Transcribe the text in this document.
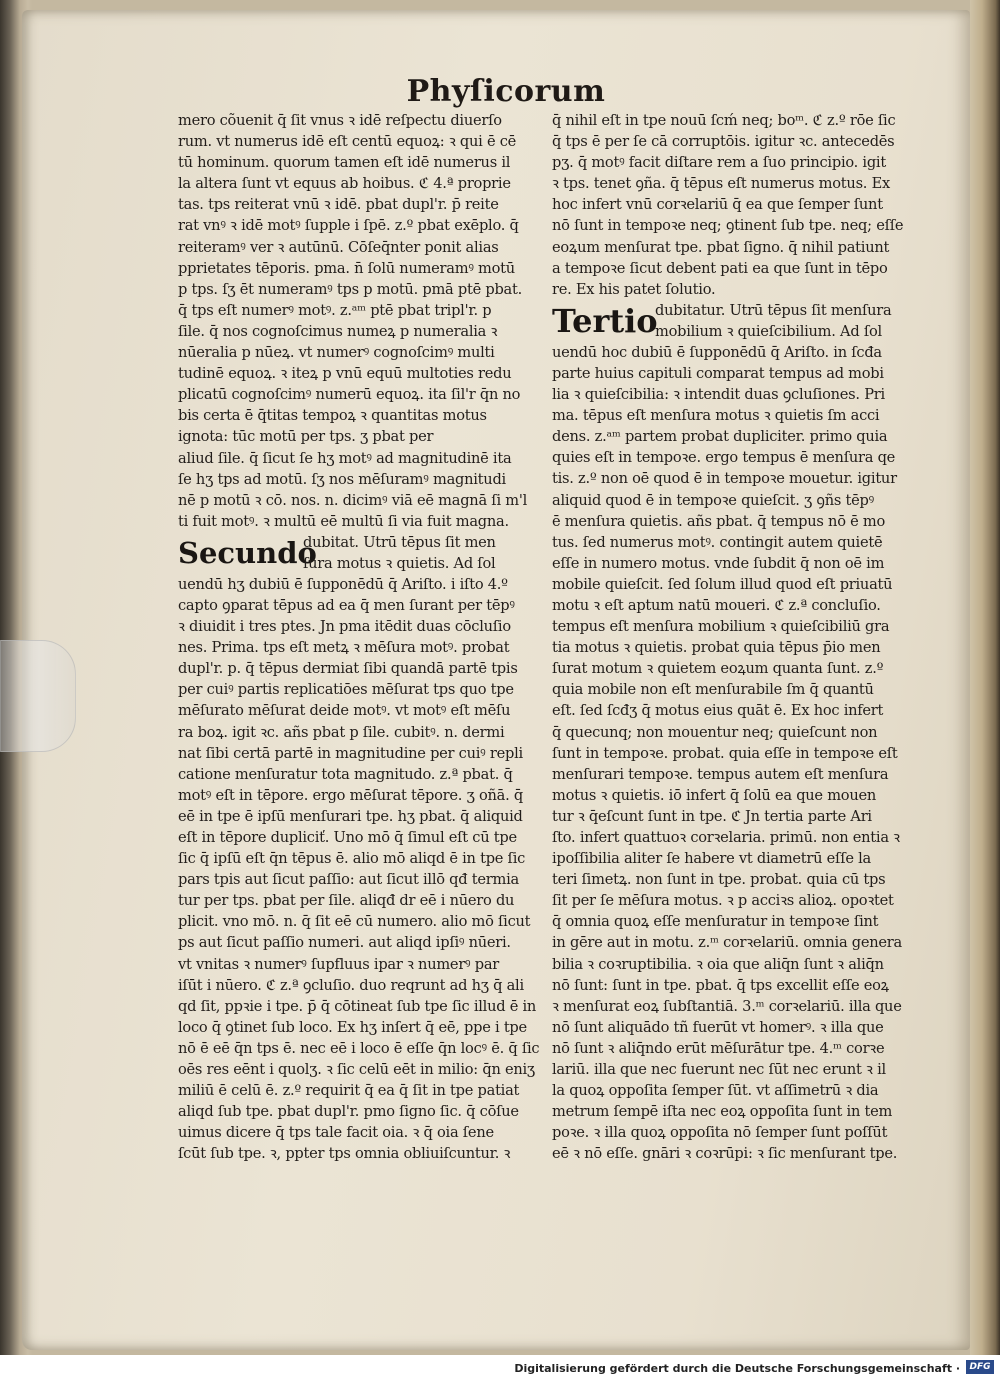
Phyſicorum
mero cõuenit q̄ ſit vnus ꝛ idē reſpectu diuerſo
rum. vt numerus idē eſt centū equoꝝ: ꝛ qui ē cē
tū hominum. quorum tamen eſt idē numerus il
la altera ſunt vt equus ab hoibus. ℭ 4.ª proprie
tas. tps reiterat vnū ꝛ idē. pbat dupl'r. p̄ reite
rat vnꝰ ꝛ idē motꝰ ſupple i ſpē. z.º pbat exēplo. q̄
reiteramꝰ ver ꝛ autūnū. Cōſeq̄nter ponit alias
pprietates tēporis. pma. n̄ ſolū numeramꝰ motū
p tps. ſʒ ēt numeramꝰ tps p motū. pmā ptē pbat.
q̄ tps eſt numerꝰ motꝰ. z.ᵃᵐ ptē pbat tripl'r. p
ſile. q̄ nos cognoſcimus numeꝝ p numeralia ꝛ
nūeralia p nūeꝝ. vt numerꝰ cognoſcimꝰ multi
tudinē equoꝝ. ꝛ iteꝝ p vnū equū multoties redu
plicatū cognoſcimꝰ numerū equoꝝ. ita ſil'r q̄n no
bis certa ē q̄titas tempoꝝ ꝛ quantitas motus
ignota: tūc motū per tps. ʒ pbat per
aliud ſile. q̄ ſicut ſe hʒ motꝰ ad magnitudinē ita
ſe hʒ tps ad motū. ſʒ nos mēſuramꝰ magnitudi
nē p motū ꝛ cō. nos. n. dicimꝰ viā eē magnā ſi m'l
ti fuit motꝰ. ꝛ multū eē multū ſi via fuit magna.
Secundo
dubitat. Utrū tēpus ſit men
ſura motus ꝛ quietis. Ad ſol
uendū hʒ dubiū ē ſupponēdū q̄ Ariſto. i iſto 4.º
capto ꝯparat tēpus ad ea q̄ men ſurant per tēpꝰ
ꝛ diuidit i tres ptes. Jn pma itēdit duas cōcluſio
nes. Prima. tps eſt metꝝ ꝛ mēſura motꝰ. probat
dupl'r. p. q̄ tēpus dermiat ſibi quandā partē tpis
per cuiꝰ partis replicatiōes mēſurat tps quo tpe
mēſurato mēſurat deide motꝰ. vt motꝰ eſt mēſu
ra boꝝ. igit ꝛc. añs pbat p ſile. cubitꝰ. n. dermi
nat ſibi certā partē in magnitudine per cuiꝰ repli
catione menſuratur tota magnitudo. z.ª pbat. q̄
motꝰ eſt in tēpore. ergo mēſurat tēpore. ʒ oñā. q̄
eē in tpe ē ipſū menſurari tpe. hʒ pbat. q̄ aliquid
eſt in tēpore dupliciť. Uno mō q̄ ſimul eſt cū tpe
ſic q̄ ipſū eſt q̄n tēpus ē. alio mō aliqd ē in tpe ſic
pars tpis aut ſicut paſſio: aut ſicut illō qđ termia
tur per tps. pbat per ſile. aliqđ dr eē i nūero du
plicit. vno mō. n. q̄ ſit eē cū numero. alio mō ſicut
ps aut ſicut paſſio numeri. aut aliqd ipſiꝰ nūeri.
vt vnitas ꝛ numerꝰ ſupfluus ipar ꝛ numerꝰ par
iſūt i nūero. ℭ z.ª ꝯcluſio. duo reqrunt ad hʒ q̄ ali
qd ſit, ppꝛie i tpe. p̄ q̄ cōtineat ſub tpe ſic illud ē in
loco q̄ ꝯtinet ſub loco. Ex hʒ inſert q̄ eē, ppe i tpe
nō ē eē q̄n tps ē. nec eē i loco ē eſſe q̄n locꝰ ē. q̄ ſic
oēs res eēnt i quolʒ. ꝛ ſic celū eēt in milio: q̄n eniʒ
miliū ē celū ē. z.º requirit q̄ ea q̄ ſit in tpe patiat
aliqd ſub tpe. pbat dupl'r. pmo ſigno ſic. q̄ cōſue
uimus dicere q̄ tps tale facit oia. ꝛ q̄ oia ſene
ſcūt ſub tpe. ꝛ, ppter tps omnia obliuiſcuntur. ꝛ
q̄ nihil eſt in tpe nouū ſcḿ neq; boᵐ. ℭ z.º rōe ſic
q̄ tps ē per ſe cā corruptōis. igitur ꝛc. antecedēs
pʒ. q̄ motꝰ facit diſtare rem a ſuo principio. igit
ꝛ tps. tenet ꝯña. q̄ tēpus eſt numerus motus. Ex
hoc infert vnū corꝛelariū q̄ ea que ſemper ſunt
nō ſunt in tempoꝛe neq; ꝯtinent ſub tpe. neq; eſſe
eoꝝum menſurat tpe. pbat ſigno. q̄ nihil patiunt
a tempoꝛe ſicut debent pati ea que ſunt in tēpo
re. Ex his patet ſolutio.
Tertio
dubitatur. Utrū tēpus ſit menſura
mobilium ꝛ quieſcibilium. Ad ſol
uendū hoc dubiū ē ſupponēdū q̄ Ariſto. in ſcđa
parte huius capituli comparat tempus ad mobi
lia ꝛ quieſcibilia: ꝛ intendit duas ꝯcluſiones. Pri
ma. tēpus eſt menſura motus ꝛ quietis ſm acci
dens. z.ᵃᵐ partem probat dupliciter. primo quia
quies eſt in tempoꝛe. ergo tempus ē menſura qe
tis. z.º non oē quod ē in tempoꝛe mouetur. igitur
aliquid quod ē in tempoꝛe quieſcit. ʒ ꝯñs tēpꝰ
ē menſura quietis. añs pbat. q̄ tempus nō ē mo
tus. ſed numerus motꝰ. contingit autem quietē
eſſe in numero motus. vnde ſubdit q̄ non oē im
mobile quieſcit. ſed ſolum illud quod eſt priuatū
motu ꝛ eſt aptum natū moueri. ℭ z.ª concluſio.
tempus eſt menſura mobilium ꝛ quieſcibiliū gra
tia motus ꝛ quietis. probat quia tēpus p̄io men
ſurat motum ꝛ quietem eoꝝum quanta ſunt. z.º
quia mobile non eſt menſurabile ſm q̄ quantū
eſt. ſed ſcđʒ q̄ motus eius quāt ē. Ex hoc infert
q̄ quecunq; non mouentur neq; quieſcunt non
ſunt in tempoꝛe. probat. quia eſſe in tempoꝛe eſt
menſurari tempoꝛe. tempus autem eſt menſura
motus ꝛ quietis. iō infert q̄ ſolū ea que mouen
tur ꝛ q̄eſcunt ſunt in tpe. ℭ Jn tertia parte Ari
ſto. infert quattuoꝛ corꝛelaria. primū. non entia ꝛ
ipoſſibilia aliter ſe habere vt diametrū eſſe la
teri ſimetꝝ. non ſunt in tpe. probat. quia cū tps
ſit per ſe mēſura motus. ꝛ p acciꝛs alioꝝ. opoꝛtet
q̄ omnia quoꝝ eſſe menſuratur in tempoꝛe ſint
in gēre aut in motu. z.ᵐ corꝛelariū. omnia genera
bilia ꝛ coꝛruptibilia. ꝛ oia que aliq̄n ſunt ꝛ aliq̄n
nō ſunt: ſunt in tpe. pbat. q̄ tps excellit eſſe eoꝝ
ꝛ menſurat eoꝝ ſubſtantiā. 3.ᵐ corꝛelariū. illa que
nō ſunt aliquādo tñ fuerūt vt homerꝰ. ꝛ illa que
nō ſunt ꝛ aliq̄ndo erūt mēſurātur tpe. 4.ᵐ corꝛe
lariū. illa que nec fuerunt nec ſūt nec erunt ꝛ il
la quoꝝ oppoſita ſemper ſūt. vt aſſimetrū ꝛ dia
metrum ſempē iſta nec eoꝝ oppoſita ſunt in tem
poꝛe. ꝛ illa quoꝝ oppoſita nō ſemper ſunt poſſūt
eē ꝛ nō eſſe. gnāri ꝛ coꝛrūpi: ꝛ ſic menſurant tpe.
Digitalisierung gefördert durch die Deutsche Forschungsgemeinschaft ·	DFG
